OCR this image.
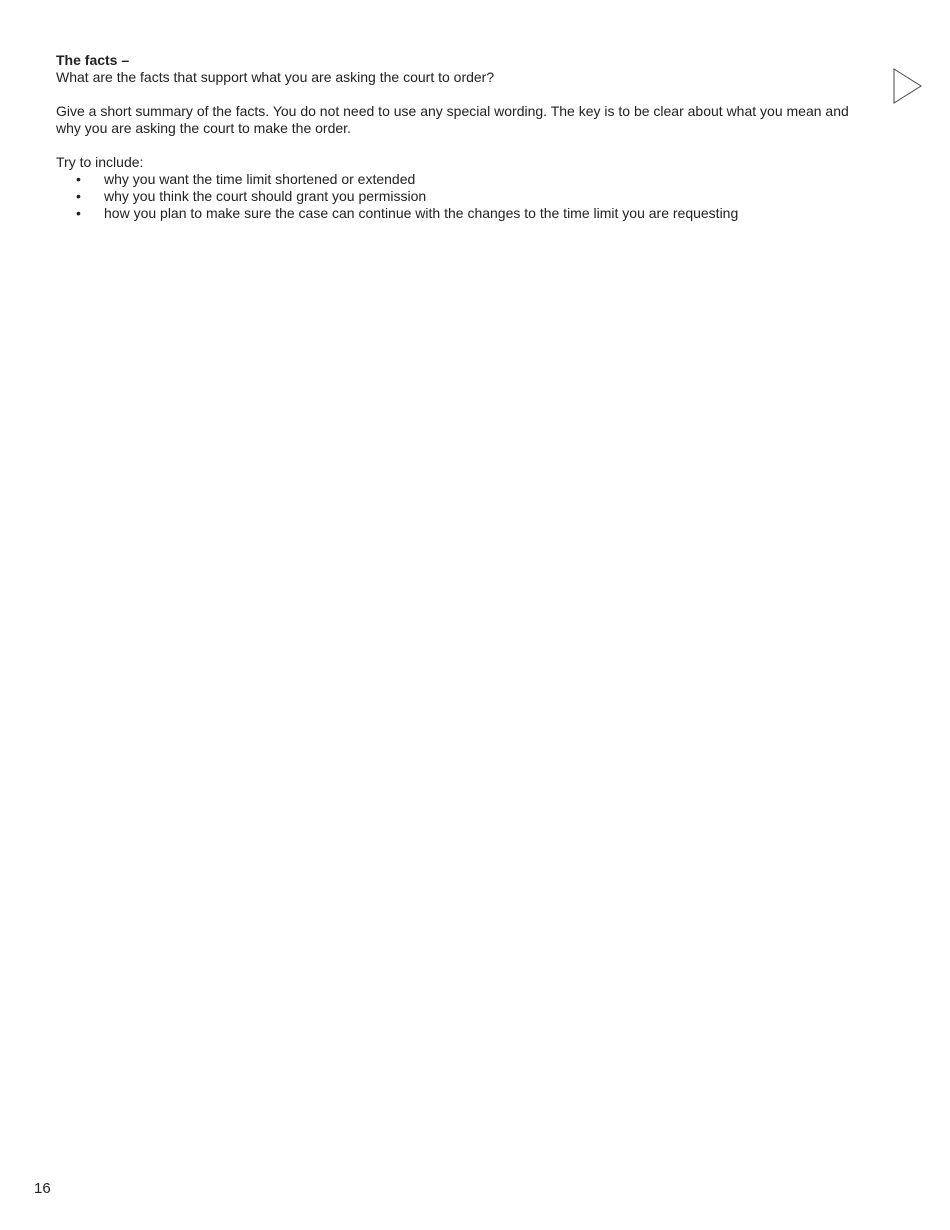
The facts –

What are the facts that support what you are asking the court to order?

Give a short summary of the facts. You do not need to use any special wording. The key is to be clear about what you mean and

why you are asking the court to make the order.

Try to include:

• why you want the time limit shortened or extended
• why you think the court should grant you permission
• how you plan to make sure the case can continue with the changes to the time limit you are requesting
16
